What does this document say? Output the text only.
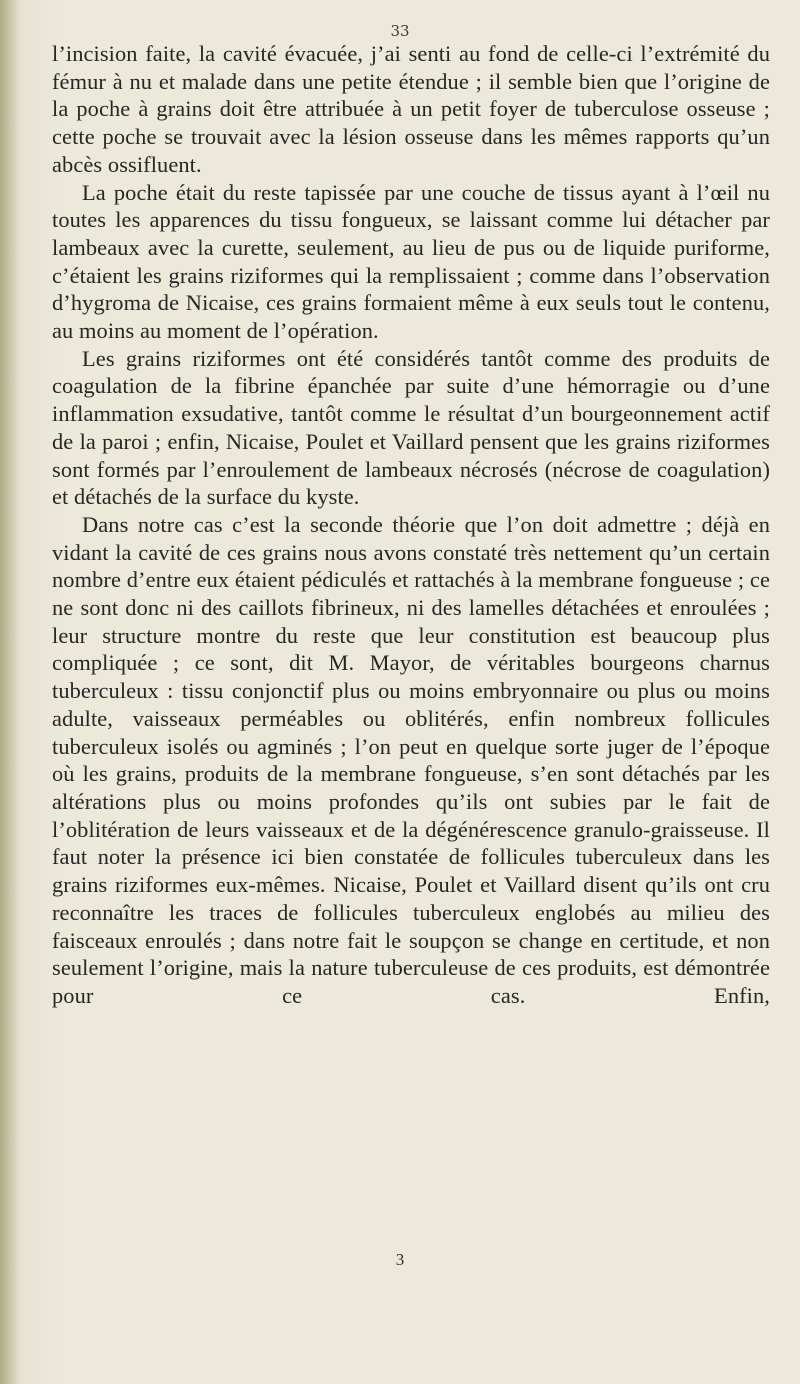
33

l’incision faite, la cavité évacuée, j’ai senti au fond de celle-ci l’extrémité du fémur à nu et malade dans une petite étendue ; il semble bien que l’origine de la poche à grains doit être attribuée à un petit foyer de tuberculose osseuse ; cette poche se trouvait avec la lésion osseuse dans les mêmes rapports qu’un abcès ossifluent.

La poche était du reste tapissée par une couche de tissus ayant à l’œil nu toutes les apparences du tissu fongueux, se laissant comme lui détacher par lambeaux avec la curette, seulement, au lieu de pus ou de liquide puriforme, c’étaient les grains riziformes qui la remplissaient ; comme dans l’observation d’hygroma de Nicaise, ces grains formaient même à eux seuls tout le contenu, au moins au moment de l’opération.

Les grains riziformes ont été considérés tantôt comme des produits de coagulation de la fibrine épanchée par suite d’une hémorragie ou d’une inflammation exsudative, tantôt comme le résultat d’un bourgeonnement actif de la paroi ; enfin, Nicaise, Poulet et Vaillard pensent que les grains riziformes sont formés par l’enroulement de lambeaux nécrosés (nécrose de coagulation) et détachés de la surface du kyste.

Dans notre cas c’est la seconde théorie que l’on doit admettre ; déjà en vidant la cavité de ces grains nous avons constaté très nettement qu’un certain nombre d’entre eux étaient pédiculés et rattachés à la membrane fongueuse ; ce ne sont donc ni des caillots fibrineux, ni des lamelles détachées et enroulées ; leur structure montre du reste que leur constitution est beaucoup plus compliquée ; ce sont, dit M. Mayor, de véritables bourgeons charnus tuberculeux : tissu conjonctif plus ou moins embryonnaire ou plus ou moins adulte, vaisseaux perméables ou oblitérés, enfin nombreux follicules tuberculeux isolés ou agminés ; l’on peut en quelque sorte juger de l’époque où les grains, produits de la membrane fongueuse, s’en sont détachés par les altérations plus ou moins profondes qu’ils ont subies par le fait de l’oblitération de leurs vaisseaux et de la dégénérescence granulo-graisseuse. Il faut noter la présence ici bien constatée de follicules tuberculeux dans les grains riziformes eux-mêmes. Nicaise, Poulet et Vaillard disent qu’ils ont cru reconnaître les traces de follicules tuberculeux englobés au milieu des faisceaux enroulés ; dans notre fait le soupçon se change en certitude, et non seulement l’origine, mais la nature tuberculeuse de ces produits, est démontrée pour ce cas. Enfin,

3
